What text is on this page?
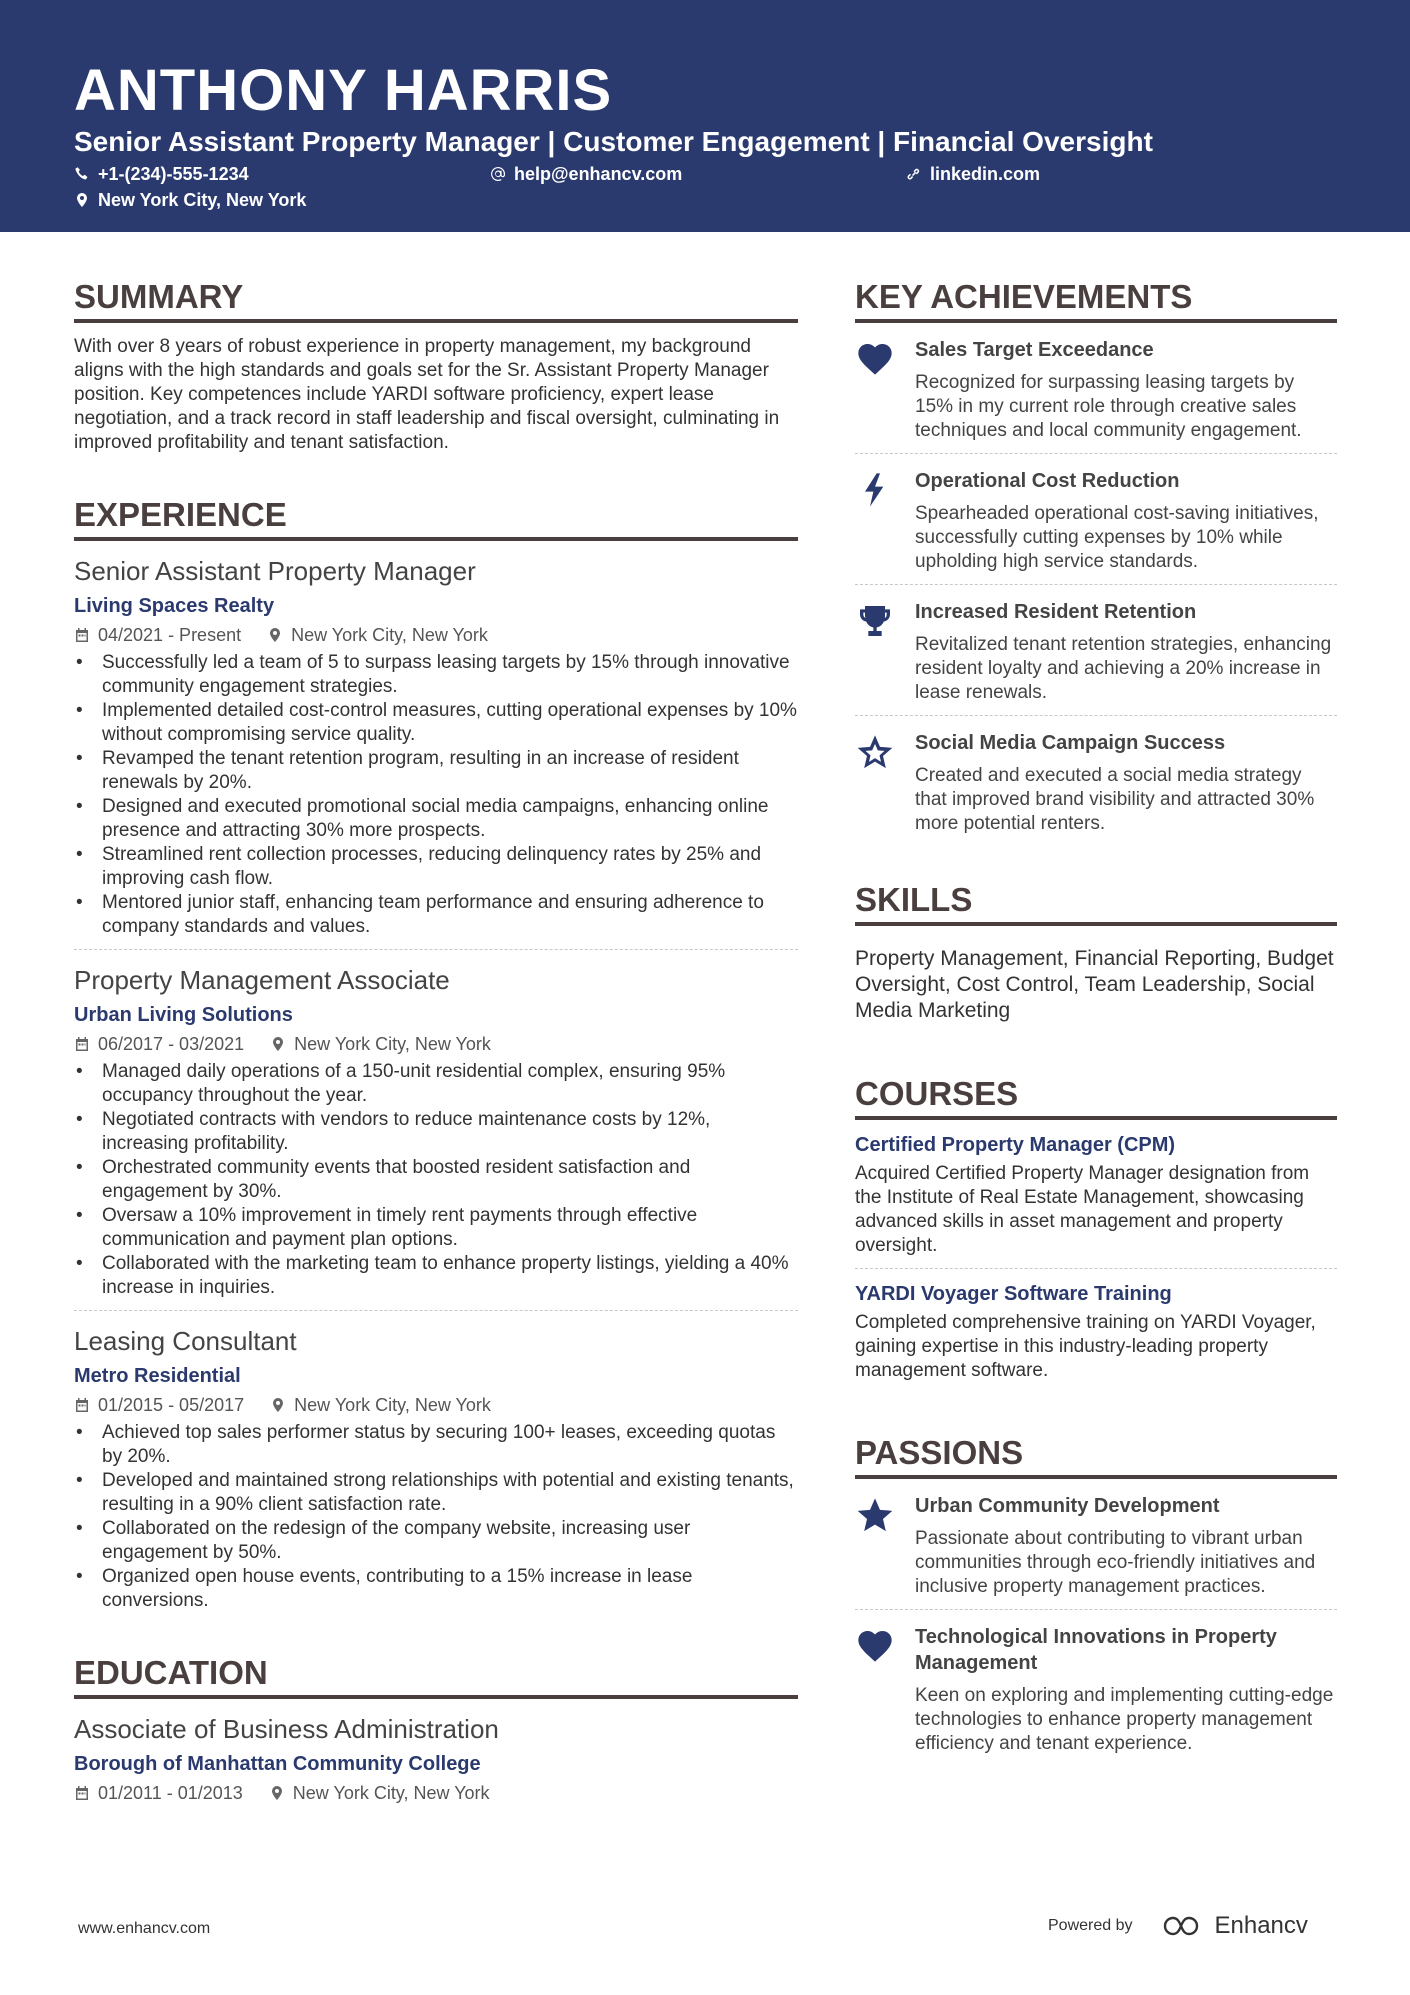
ANTHONY HARRIS
Senior Assistant Property Manager | Customer Engagement | Financial Oversight
+1-(234)-555-1234	help@enhancv.com	linkedin.com
New York City, New York
SUMMARY
With over 8 years of robust experience in property management, my background aligns with the high standards and goals set for the Sr. Assistant Property Manager position. Key competences include YARDI software proficiency, expert lease negotiation, and a track record in staff leadership and fiscal oversight, culminating in improved profitability and tenant satisfaction.
EXPERIENCE
Senior Assistant Property Manager
Living Spaces Realty
04/2021 - Present	New York City, New York
• Successfully led a team of 5 to surpass leasing targets by 15% through innovative community engagement strategies.
• Implemented detailed cost-control measures, cutting operational expenses by 10% without compromising service quality.
• Revamped the tenant retention program, resulting in an increase of resident renewals by 20%.
• Designed and executed promotional social media campaigns, enhancing online presence and attracting 30% more prospects.
• Streamlined rent collection processes, reducing delinquency rates by 25% and improving cash flow.
• Mentored junior staff, enhancing team performance and ensuring adherence to company standards and values.
Property Management Associate
Urban Living Solutions
06/2017 - 03/2021	New York City, New York
• Managed daily operations of a 150-unit residential complex, ensuring 95% occupancy throughout the year.
• Negotiated contracts with vendors to reduce maintenance costs by 12%, increasing profitability.
• Orchestrated community events that boosted resident satisfaction and engagement by 30%.
• Oversaw a 10% improvement in timely rent payments through effective communication and payment plan options.
• Collaborated with the marketing team to enhance property listings, yielding a 40% increase in inquiries.
Leasing Consultant
Metro Residential
01/2015 - 05/2017	New York City, New York
• Achieved top sales performer status by securing 100+ leases, exceeding quotas by 20%.
• Developed and maintained strong relationships with potential and existing tenants, resulting in a 90% client satisfaction rate.
• Collaborated on the redesign of the company website, increasing user engagement by 50%.
• Organized open house events, contributing to a 15% increase in lease conversions.
EDUCATION
Associate of Business Administration
Borough of Manhattan Community College
01/2011 - 01/2013	New York City, New York
KEY ACHIEVEMENTS
Sales Target Exceedance
Recognized for surpassing leasing targets by 15% in my current role through creative sales techniques and local community engagement.
Operational Cost Reduction
Spearheaded operational cost-saving initiatives, successfully cutting expenses by 10% while upholding high service standards.
Increased Resident Retention
Revitalized tenant retention strategies, enhancing resident loyalty and achieving a 20% increase in lease renewals.
Social Media Campaign Success
Created and executed a social media strategy that improved brand visibility and attracted 30% more potential renters.
SKILLS
Property Management, Financial Reporting, Budget Oversight, Cost Control, Team Leadership, Social Media Marketing
COURSES
Certified Property Manager (CPM)
Acquired Certified Property Manager designation from the Institute of Real Estate Management, showcasing advanced skills in asset management and property oversight.
YARDI Voyager Software Training
Completed comprehensive training on YARDI Voyager, gaining expertise in this industry-leading property management software.
PASSIONS
Urban Community Development
Passionate about contributing to vibrant urban communities through eco-friendly initiatives and inclusive property management practices.
Technological Innovations in Property Management
Keen on exploring and implementing cutting-edge technologies to enhance property management efficiency and tenant experience.
www.enhancv.com	Powered by	Enhancv
